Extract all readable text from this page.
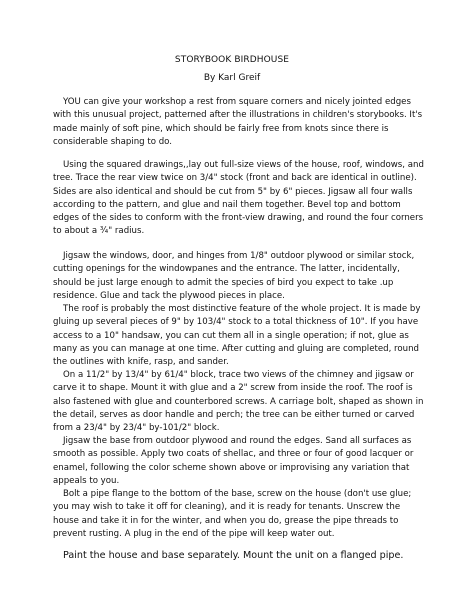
STORYBOOK BIRDHOUSE
By Karl Greif

YOU can give your workshop a rest from square corners and nicely jointed edges with this unusual project, patterned after the illustrations in children's storybooks. It's made mainly of soft pine, which should be fairly free from knots since there is considerable shaping to do.

Using the squared drawings,,lay out full-size views of the house, roof, windows, and tree. Trace the rear view twice on 3/4" stock (front and back are identical in outline). Sides are also identical and should be cut from 5" by 6" pieces. Jigsaw all four walls according to the pattern, and glue and nail them together. Bevel top and bottom edges of the sides to conform with the front-view drawing, and round the four corners to about a ¾" radius.

Jigsaw the windows, door, and hinges from 1/8" outdoor plywood or similar stock, cutting openings for the windowpanes and the entrance. The latter, incidentally, should be just large enough to admit the species of bird you expect to take .up residence. Glue and tack the plywood pieces in place.

The roof is probably the most distinctive feature of the whole project. It is made by gluing up several pieces of 9" by 103/4" stock to a total thickness of 10". If you have access to a 10" handsaw, you can cut them all in a single operation; if not, glue as many as you can manage at one time. After cutting and gluing are completed, round the outlines with knife, rasp, and sander.

On a 11/2" by 13/4" by 61/4" block, trace two views of the chimney and jigsaw or carve it to shape. Mount it with glue and a 2" screw from inside the roof. The roof is also fastened with glue and counterbored screws. A carriage bolt, shaped as shown in the detail, serves as door handle and perch; the tree can be either turned or carved from a 23/4" by 23/4" by-101/2" block.

Jigsaw the base from outdoor plywood and round the edges. Sand all surfaces as smooth as possible. Apply two coats of shellac, and three or four of good lacquer or enamel, following the color scheme shown above or improvising any variation that appeals to you.

Bolt a pipe flange to the bottom of the base, screw on the house (don't use glue; you may wish to take it off for cleaning), and it is ready for tenants. Unscrew the house and take it in for the winter, and when you do, grease the pipe threads to prevent rusting. A plug in the end of the pipe will keep water out.

Paint the house and base separately. Mount the unit on a flanged pipe.
